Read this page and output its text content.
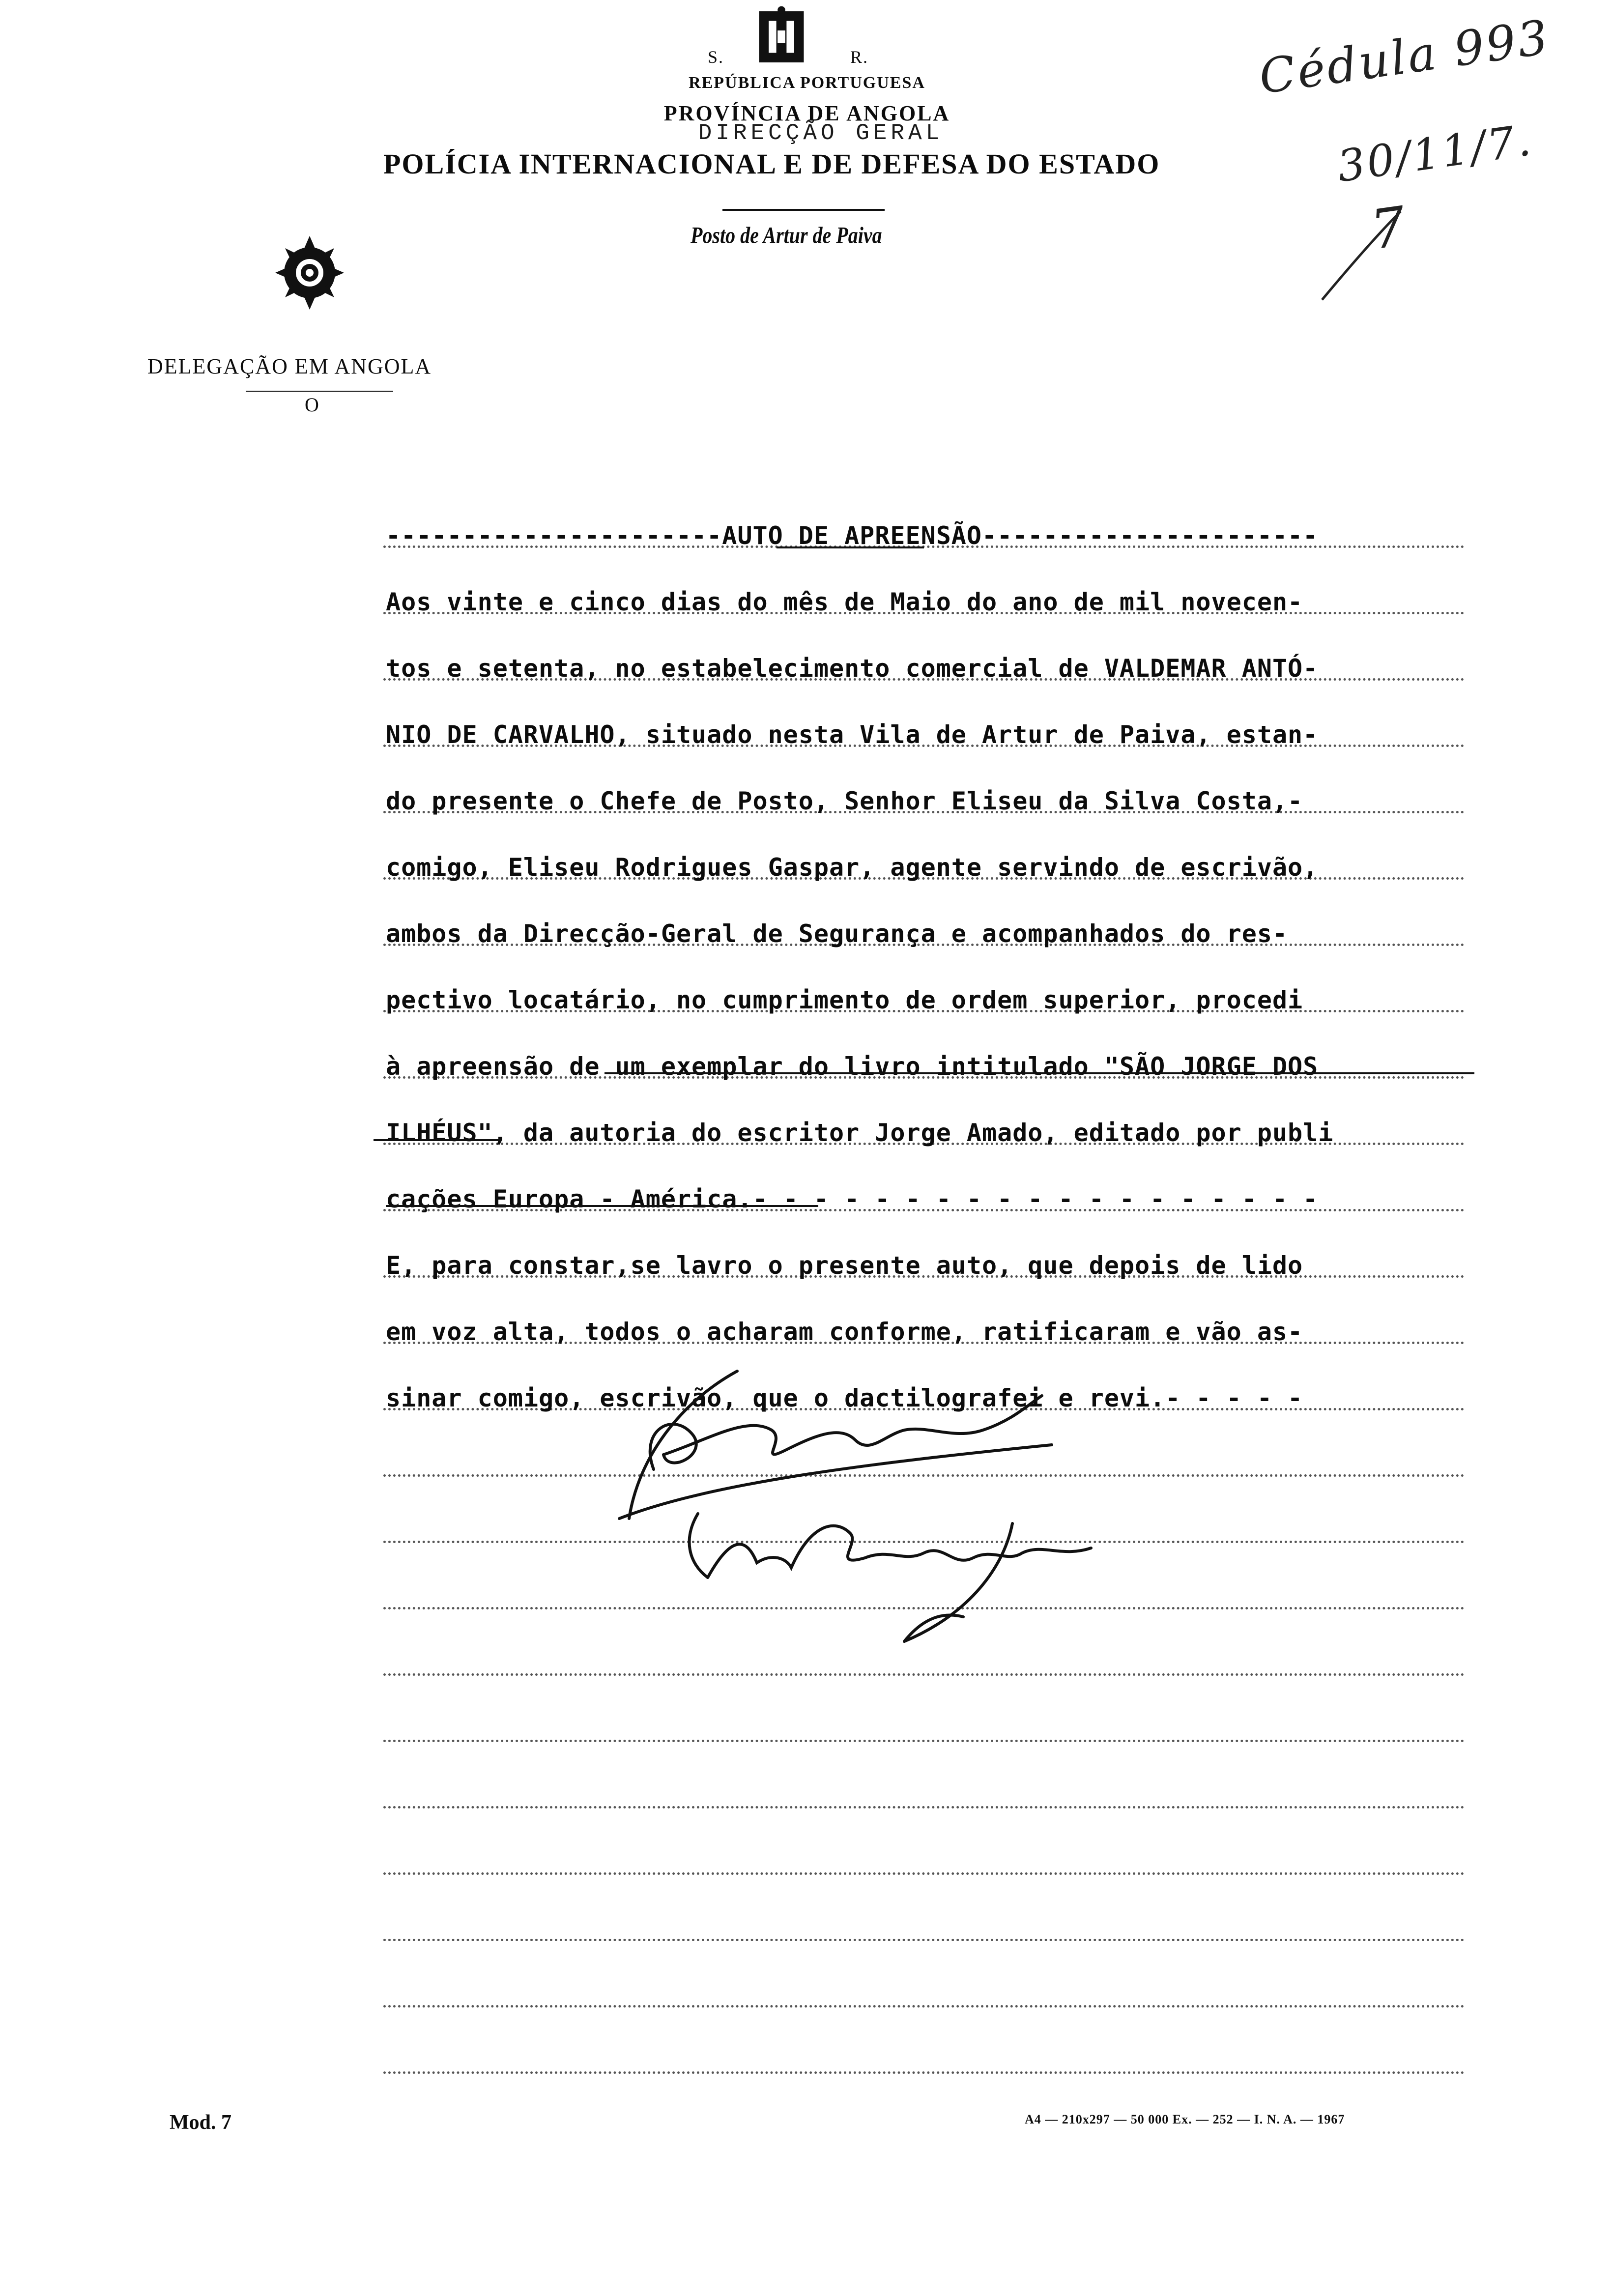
S.	R.
REPÚBLICA PORTUGUESA
PROVÍNCIA DE ANGOLA
DIRECÇÃO GERAL
POLÍCIA INTERNACIONAL E DE DEFESA DO ESTADO
Posto de Artur de Paiva
DELEGAÇÃO EM ANGOLA
O
Cédula 993
30/11/7.
7
----------------------AUTO DE APREENSÃO----------------------
Aos vinte e cinco dias do mês de Maio do ano de mil novecen-
tos e setenta, no estabelecimento comercial de VALDEMAR ANTÓ-
NIO DE CARVALHO, situado nesta Vila de Artur de Paiva, estan-
do presente o Chefe de Posto, Senhor Eliseu da Silva Costa,-
comigo, Eliseu Rodrigues Gaspar, agente servindo de escrivão,
ambos da Direcção-Geral de Segurança e acompanhados do res-
pectivo locatário, no cumprimento de ordem superior, procedi
à apreensão de um exemplar do livro intitulado "SÃO JORGE DOS
ILHÉUS", da autoria do escritor Jorge Amado, editado por publi
cações Europa - América.- - - - - - - - - - - - - - - - - - -
E, para constar,se lavro o presente auto, que depois de lido
em voz alta, todos o acharam conforme, ratificaram e vão as-
sinar comigo, escrivão, que o dactilografei e revi.- - - - -
Mod. 7	A4 — 210x297 — 50 000 Ex. — 252 — I. N. A. — 1967
